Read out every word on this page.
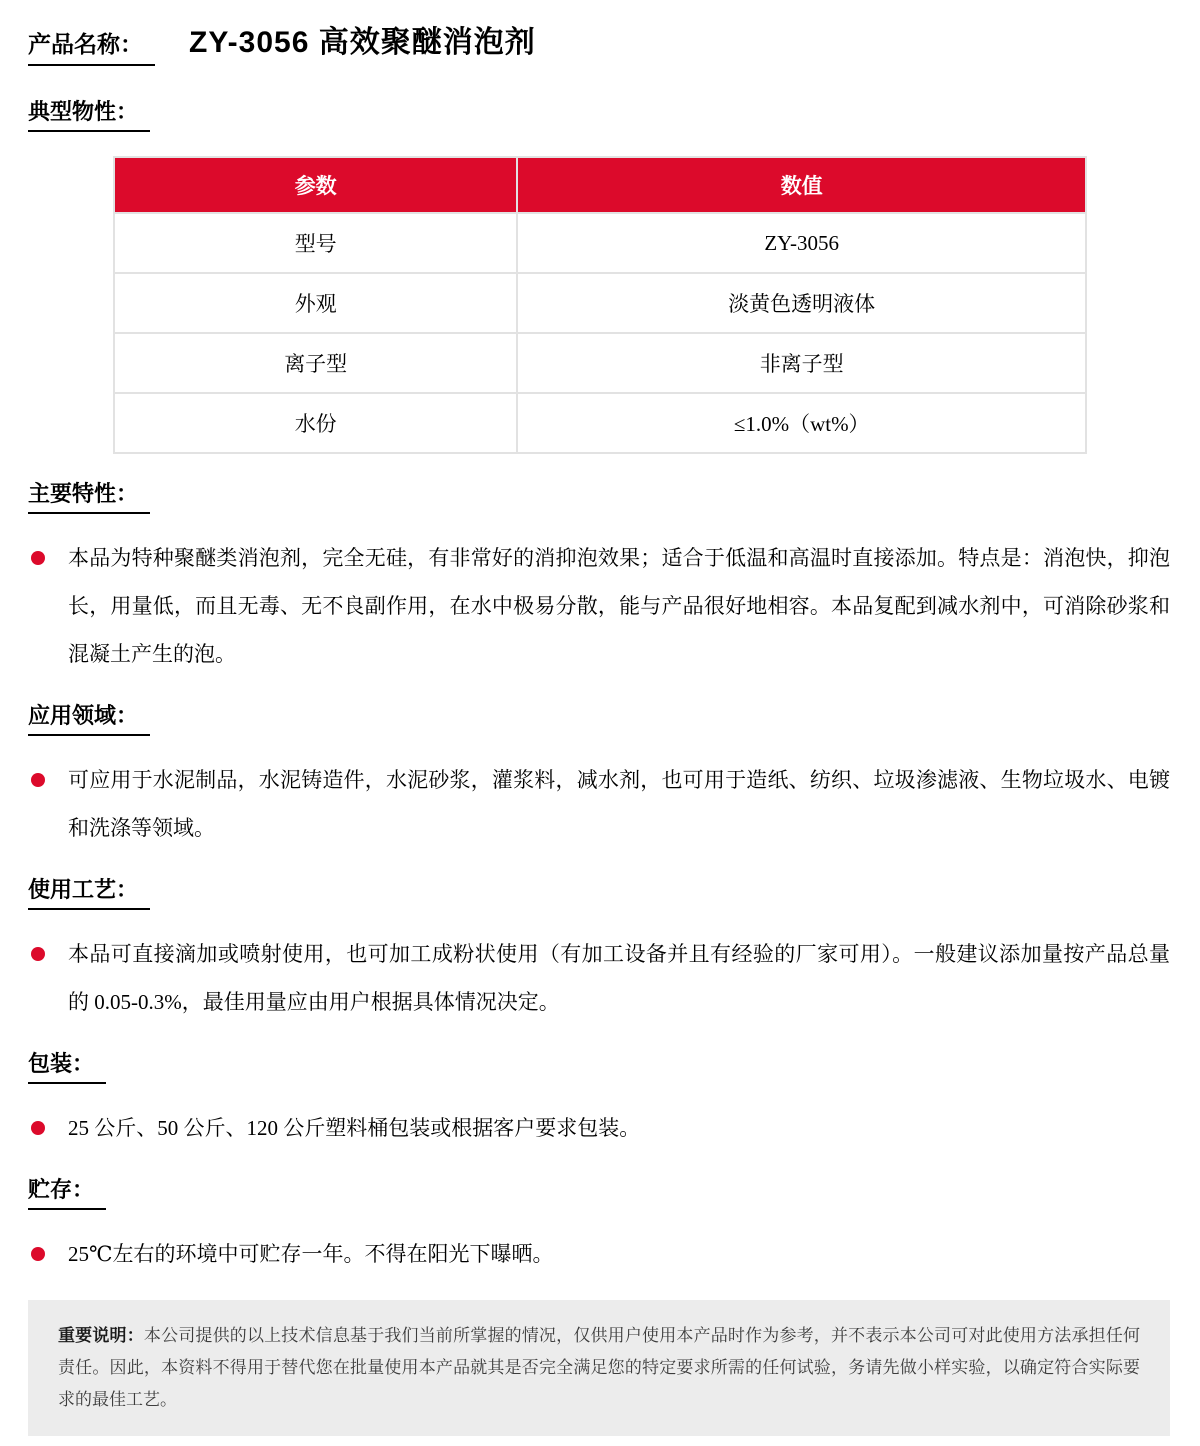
产品名称：	ZY-3056 高效聚醚消泡剂
典型物性：
参数	数值
型号	ZY-3056
外观	淡黄色透明液体
离子型	非离子型
水份	≤1.0%（wt%）
主要特性：

本品为特种聚醚类消泡剂，完全无硅，有非常好的消抑泡效果；适合于低温和高温时直接添加。特点是：消泡快，抑泡长，用量低，而且无毒、无不良副作用，在水中极易分散，能与产品很好地相容。本品复配到减水剂中，可消除砂浆和混凝土产生的泡。

应用领域：

可应用于水泥制品，水泥铸造件，水泥砂浆，灌浆料，减水剂，也可用于造纸、纺织、垃圾渗滤液、生物垃圾水、电镀和洗涤等领域。

使用工艺：

本品可直接滴加或喷射使用，也可加工成粉状使用（有加工设备并且有经验的厂家可用）。一般建议添加量按产品总量的 0.05-0.3%，最佳用量应由用户根据具体情况决定。

包装：

25 公斤、50 公斤、120 公斤塑料桶包装或根据客户要求包装。

贮存：

25℃左右的环境中可贮存一年。不得在阳光下曝晒。

重要说明：本公司提供的以上技术信息基于我们当前所掌握的情况，仅供用户使用本产品时作为参考，并不表示本公司可对此使用方法承担任何责任。因此，本资料不得用于替代您在批量使用本产品就其是否完全满足您的特定要求所需的任何试验，务请先做小样实验，以确定符合实际要求的最佳工艺。
